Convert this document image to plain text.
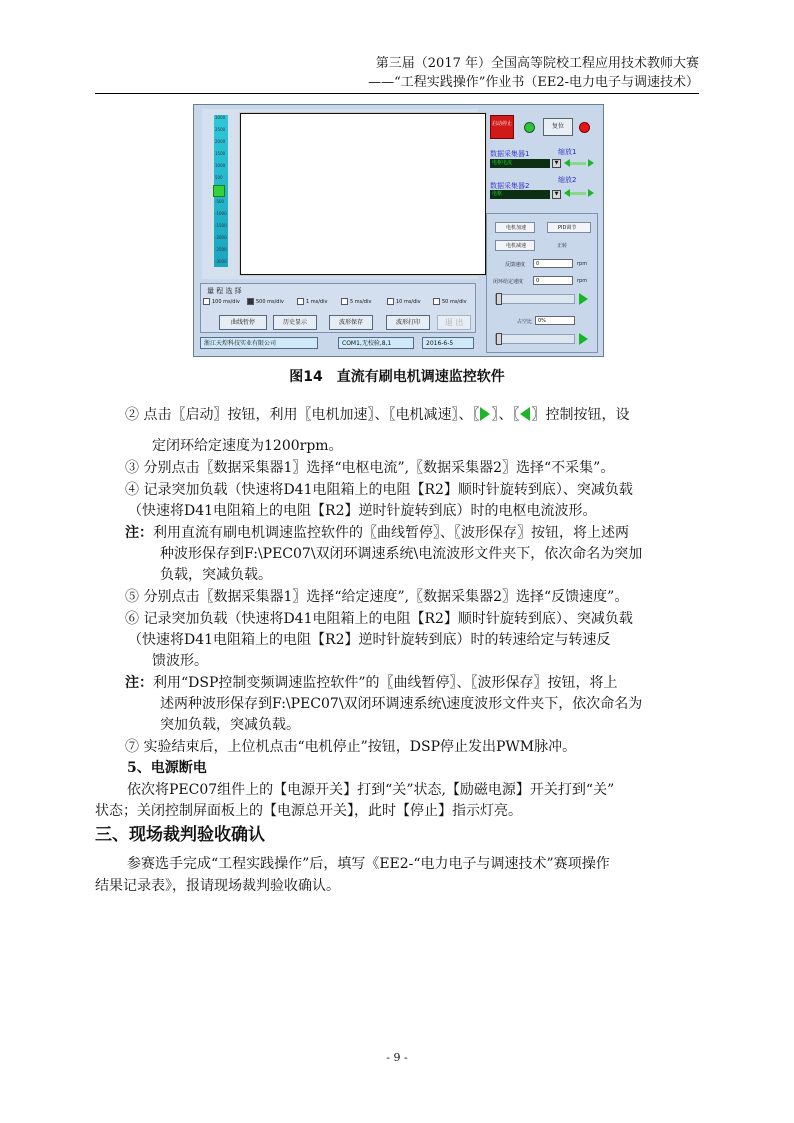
第三届（2017 年）全国高等院校工程应用技术教师大赛
——“工程实践操作”作业书（EE2-电力电子与调速技术）
3000
2500
2000
1500
1000
500
-500
-1000
-1500
-2000
-2500
-3000
量 程 选 择
100 ms/div	500 ms/div	1 ms/div	5 ms/div	10 ms/div	50 ms/div
曲线暂停	历史显示	波形保存	波形打印	退 出
浙江天煌科技实业有限公司	COM1,无校验,8,1	2016-6-5
启动停止	复位
数据采集器1	缩放1
电枢电流	▼
数据采集器2
缩放2
电枢	▼
电机加速	PID调节
电机减速	正转
反馈速度	0	rpm
闭环给定速度	0	rpm
占空比	0%
图14　直流有刷电机调速监控软件
② 点击〖启动〗按钮，利用〖电机加速〗、〖电机减速〗、〖 〗、〖 〗控制按钮，设
定闭环给定速度为1200rpm。
③ 分别点击〖数据采集器1〗选择“电枢电流”,〖数据采集器2〗选择“不采集”。
④ 记录突加负载（快速将D41电阻箱上的电阻【R2】顺时针旋转到底）、突减负载
（快速将D41电阻箱上的电阻【R2】逆时针旋转到底）时的电枢电流波形。
注：利用直流有刷电机调速监控软件的〖曲线暂停〗、〖波形保存〗按钮，将上述两
种波形保存到F:\PEC07\双闭环调速系统\电流波形文件夹下，依次命名为突加
负载，突减负载。
⑤ 分别点击〖数据采集器1〗选择“给定速度”,〖数据采集器2〗选择“反馈速度”。
⑥ 记录突加负载（快速将D41电阻箱上的电阻【R2】顺时针旋转到底）、突减负载
（快速将D41电阻箱上的电阻【R2】逆时针旋转到底）时的转速给定与转速反
馈波形。
注：利用“DSP控制变频调速监控软件”的〖曲线暂停〗、〖波形保存〗按钮，将上
述两种波形保存到F:\PEC07\双闭环调速系统\速度波形文件夹下，依次命名为
突加负载，突减负载。
⑦ 实验结束后，上位机点击“电机停止”按钮，DSP停止发出PWM脉冲。
5、电源断电
依次将PEC07组件上的【电源开关】打到“关”状态,【励磁电源】开关打到“关”
状态；关闭控制屏面板上的【电源总开关】，此时【停止】指示灯亮。
三、现场裁判验收确认
参赛选手完成“工程实践操作”后，填写《EE2-“电力电子与调速技术”赛项操作
结果记录表》，报请现场裁判验收确认。
- 9 -
